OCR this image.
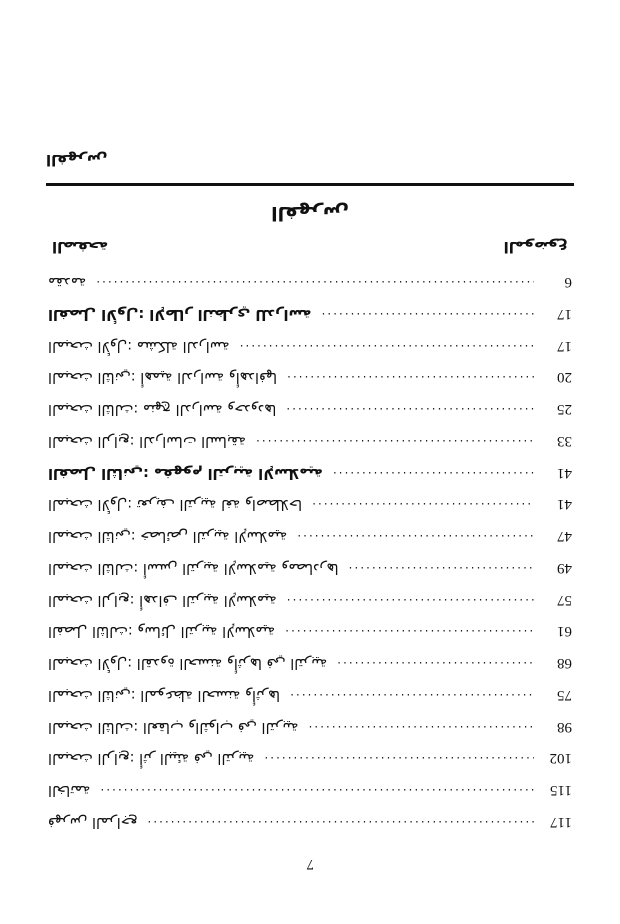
7
فهرس المراجع .....	117
الخاتمة .....	115
المبحث الرابع: أثر البيئة في التربية .....	102
المبحث الثالث: العقاب والثواب في التربية .....	98
المبحث الثاني: الموعظة الحسنة وأثرها .....	75
المبحث الأول: القدوة الحسنة وأثرها في التربية .....	68
الفصل الثالث: وسائل التربية الإسلامية .....	61
المبحث الرابع: أهداف التربية الإسلامية .....	57
المبحث الثالث: أسس التربية الإسلامية ومصادرها .....	49
المبحث الثاني: خصائص التربية الإسلامية .....	47
المبحث الأول: تعريف التربية لغة واصطلاحا .....	41
الفصل الثاني: مفهوم التربية الإسلامية .....	41
المبحث الرابع: الدراسات السابقة .....	33
المبحث الثالث: منهج الدراسة وحدودها .....	25
المبحث الثاني: أهمية الدراسة وأهدافها .....	20
المبحث الأول: مشكلة الدراسة .....	17
الفصل الأول: الإطار النظري للدراسة .....	17
مقدمة .....	6
الصفحة	الموضوع
الفهرس
الفهرس
